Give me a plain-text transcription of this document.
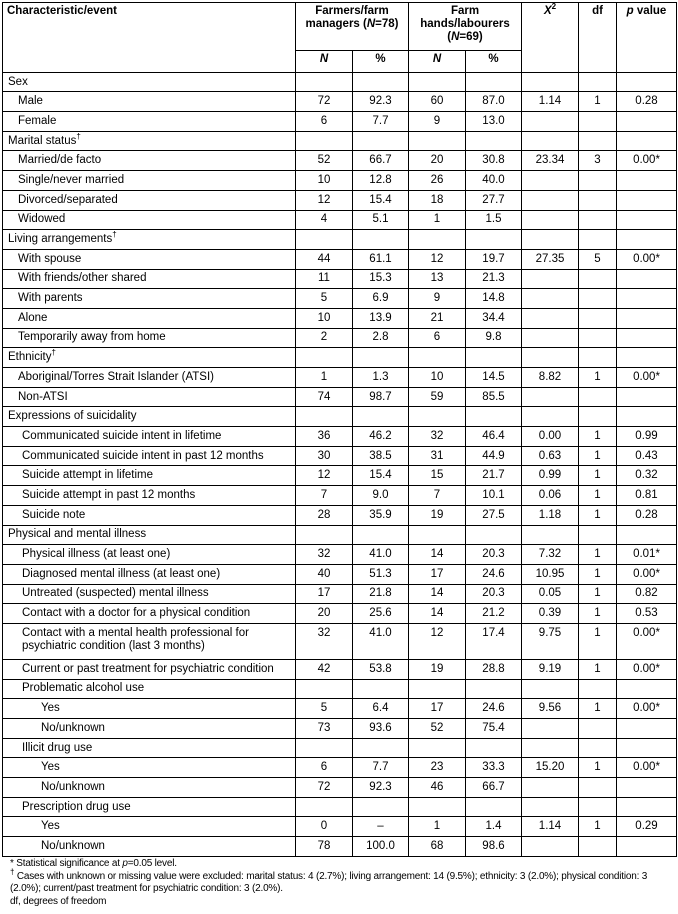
Characteristic/event	Farmers/farm managers (N=78)		Farm hands/labourers (N=69)		$X^2$	df	p value
	N	%	N	%			
Sex							
Male	72	92.3	60	87.0	1.14	1	0.28
Female	6	7.7	9	13.0			
Marital status†							
Married/de facto	52	66.7	20	30.8	23.34	3	0.00*
Single/never married	10	12.8	26	40.0			
Divorced/separated	12	15.4	18	27.7			
Widowed	4	5.1	1	1.5			
Living arrangements†							
With spouse	44	61.1	12	19.7	27.35	5	0.00*
With friends/other shared	11	15.3	13	21.3			
With parents	5	6.9	9	14.8			
Alone	10	13.9	21	34.4			
Temporarily away from home	2	2.8	6	9.8			
Ethnicity†							
Aboriginal/Torres Strait Islander (ATSI)	1	1.3	10	14.5	8.82	1	0.00*
Non-ATSI	74	98.7	59	85.5			
Expressions of suicidality							
Communicated suicide intent in lifetime	36	46.2	32	46.4	0.00	1	0.99
Communicated suicide intent in past 12 months	30	38.5	31	44.9	0.63	1	0.43
Suicide attempt in lifetime	12	15.4	15	21.7	0.99	1	0.32
Suicide attempt in past 12 months	7	9.0	7	10.1	0.06	1	0.81
Suicide note	28	35.9	19	27.5	1.18	1	0.28
Physical and mental illness							
Physical illness (at least one)	32	41.0	14	20.3	7.32	1	0.01*
Diagnosed mental illness (at least one)	40	51.3	17	24.6	10.95	1	0.00*
Untreated (suspected) mental illness	17	21.8	14	20.3	0.05	1	0.82
Contact with a doctor for a physical condition	20	25.6	14	21.2	0.39	1	0.53
Contact with a mental health professional for psychiatric condition (last 3 months)	32	41.0	12	17.4	9.75	1	0.00*
Current or past treatment for psychiatric condition	42	53.8	19	28.8	9.19	1	0.00*
Problematic alcohol use							
Yes	5	6.4	17	24.6	9.56	1	0.00*
No/unknown	73	93.6	52	75.4			
Illicit drug use							
Yes	6	7.7	23	33.3	15.20	1	0.00*
No/unknown	72	92.3	46	66.7			
Prescription drug use							
Yes	0	–	1	1.4	1.14	1	0.29
No/unknown	78	100.0	68	98.6			

* Statistical significance at p=0.05 level.

† Cases with unknown or missing value were excluded: marital status: 4 (2.7%); living arrangement: 14 (9.5%); ethnicity: 3 (2.0%); physical condition: 3 (2.0%); current/past treatment for psychiatric condition: 3 (2.0%).

df, degrees of freedom
